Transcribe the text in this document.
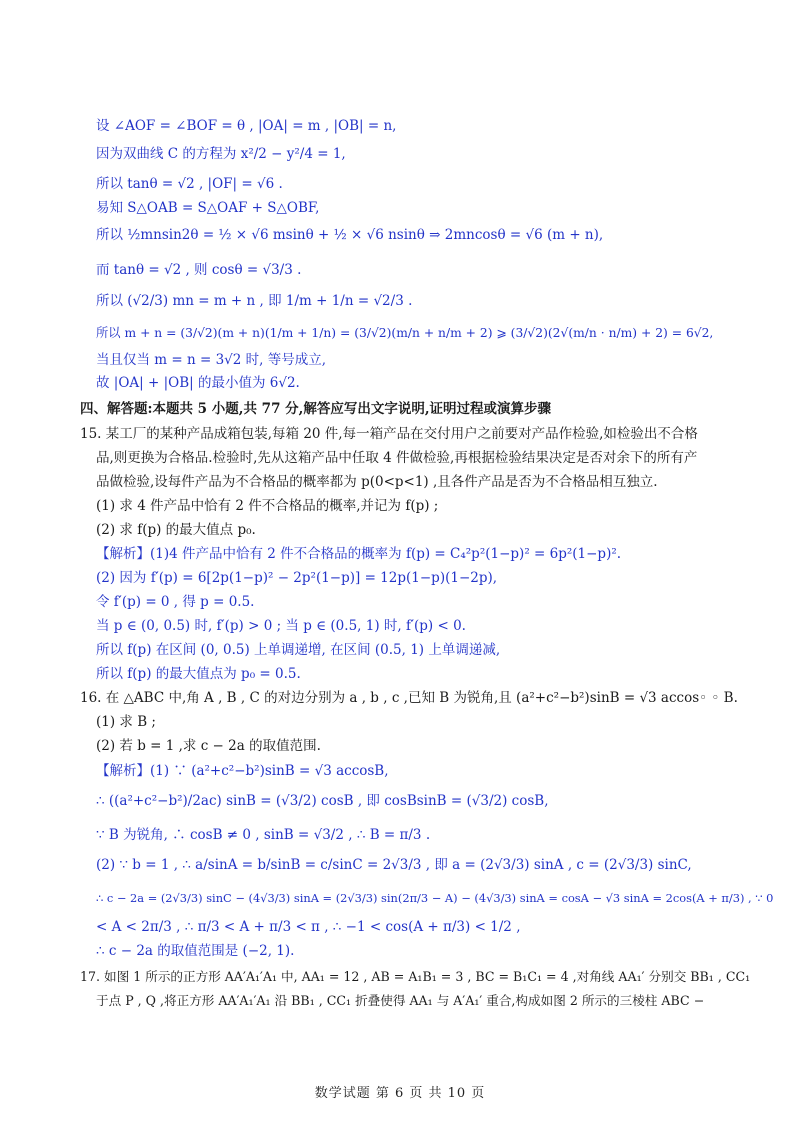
设 ∠AOF = ∠BOF = θ , |OA| = m , |OB| = n,
因为双曲线 C 的方程为 x²/2 − y²/4 = 1,
所以 tanθ = √2 , |OF| = √6 .
易知 S△OAB = S△OAF + S△OBF,
所以 ½mnsin2θ = ½ × √6 msinθ + ½ × √6 nsinθ ⇒ 2mncosθ = √6 (m + n),
而 tanθ = √2 , 则 cosθ = √3/3 .
所以 (√2/3) mn = m + n , 即 1/m + 1/n = √2/3 .
所以 m + n = (3/√2)(m + n)(1/m + 1/n) = (3/√2)(m/n + n/m + 2) ⩾ (3/√2)(2√(m/n · n/m) + 2) = 6√2,
当且仅当 m = n = 3√2 时, 等号成立,
故 |OA| + |OB| 的最小值为 6√2.
四、解答题:本题共 5 小题,共 77 分,解答应写出文字说明,证明过程或演算步骤
15. 某工厂的某种产品成箱包装,每箱 20 件,每一箱产品在交付用户之前要对产品作检验,如检验出不合格
品,则更换为合格品.检验时,先从这箱产品中任取 4 件做检验,再根据检验结果决定是否对余下的所有产
品做检验,设每件产品为不合格品的概率都为 p(0<p<1) ,且各件产品是否为不合格品相互独立.
(1) 求 4 件产品中恰有 2 件不合格品的概率,并记为 f(p) ;
(2) 求 f(p) 的最大值点 p₀.
【解析】(1)4 件产品中恰有 2 件不合格品的概率为 f(p) = C₄²p²(1−p)² = 6p²(1−p)².
(2) 因为 f′(p) = 6[2p(1−p)² − 2p²(1−p)] = 12p(1−p)(1−2p),
令 f′(p) = 0 , 得 p = 0.5.
当 p ∈ (0, 0.5) 时, f′(p) > 0 ; 当 p ∈ (0.5, 1) 时, f′(p) < 0.
所以 f(p) 在区间 (0, 0.5) 上单调递增, 在区间 (0.5, 1) 上单调递减,
所以 f(p) 的最大值点为 p₀ = 0.5.
16. 在 △ABC 中,角 A , B , C 的对边分别为 a , b , c ,已知 B 为锐角,且 (a²+c²−b²)sinB = √3 accos◦ ◦ B.
(1) 求 B ;
(2) 若 b = 1 ,求 c − 2a 的取值范围.
【解析】(1) ∵ (a²+c²−b²)sinB = √3 accosB,
∴ ((a²+c²−b²)/2ac) sinB = (√3/2) cosB , 即 cosBsinB = (√3/2) cosB,
∵ B 为锐角, ∴ cosB ≠ 0 , sinB = √3/2 , ∴ B = π/3 .
(2) ∵ b = 1 , ∴ a/sinA = b/sinB = c/sinC = 2√3/3 , 即 a = (2√3/3) sinA , c = (2√3/3) sinC,
∴ c − 2a = (2√3/3) sinC − (4√3/3) sinA = (2√3/3) sin(2π/3 − A) − (4√3/3) sinA = cosA − √3 sinA = 2cos(A + π/3) , ∵ 0
< A < 2π/3 , ∴ π/3 < A + π/3 < π , ∴ −1 < cos(A + π/3) < 1/2 ,
∴ c − 2a 的取值范围是 (−2, 1).
17. 如图 1 所示的正方形 AA′A₁′A₁ 中, AA₁ = 12 , AB = A₁B₁ = 3 , BC = B₁C₁ = 4 ,对角线 AA₁′ 分别交 BB₁ , CC₁
于点 P , Q ,将正方形 AA′A₁′A₁ 沿 BB₁ , CC₁ 折叠使得 AA₁ 与 A′A₁′ 重合,构成如图 2 所示的三棱柱 ABC −
数学试题 第 6 页 共 10 页
